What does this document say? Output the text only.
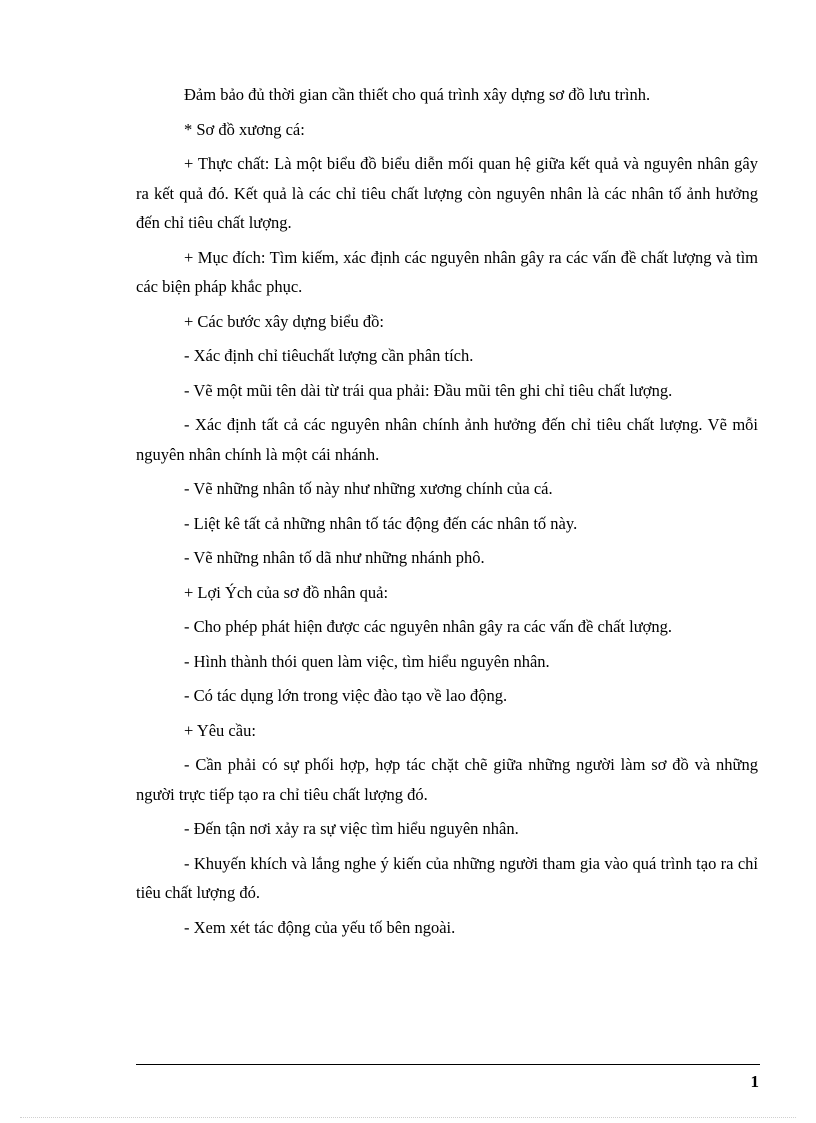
Đảm bảo đủ thời gian cần thiết cho quá trình xây dựng sơ đồ lưu trình.

* Sơ đồ xương cá:

+ Thực chất: Là một biểu đồ biểu diễn mối quan hệ giữa kết quả và nguyên nhân gây ra kết quả đó. Kết quả là các chỉ tiêu chất lượng còn nguyên nhân là các nhân tố ảnh hưởng đến chỉ tiêu chất lượng.

+ Mục đích: Tìm kiếm, xác định các nguyên nhân gây ra các vấn đề chất lượng và tìm các biện pháp khắc phục.

+ Các bước xây dựng biểu đồ:

- Xác định chỉ tiêuchất lượng cần phân tích.

- Vẽ một mũi tên dài từ trái qua phải: Đầu mũi tên ghi chỉ tiêu chất lượng.

- Xác định tất cả các nguyên nhân chính ảnh hưởng đến chỉ tiêu chất lượng. Vẽ mỗi nguyên nhân chính là một cái nhánh.

- Vẽ những nhân tố này như những xương chính của cá.

- Liệt kê tất cả những nhân tố tác động đến các nhân tố này.

- Vẽ những nhân tố dã như những nhánh phô.

+ Lợi Ých của sơ đồ nhân quả:

- Cho phép phát hiện được các nguyên nhân gây ra các vấn đề chất lượng.

- Hình thành thói quen làm việc, tìm hiểu nguyên nhân.

- Có tác dụng lớn trong việc đào tạo về lao động.

+ Yêu cầu:

- Cần phải có sự phối hợp, hợp tác chặt chẽ giữa những người làm sơ đồ và những người trực tiếp tạo ra chỉ tiêu chất lượng đó.

- Đến tận nơi xảy ra sự việc tìm hiểu nguyên nhân.

- Khuyến khích và lắng nghe ý kiến của những người tham gia vào quá trình tạo ra chỉ tiêu chất lượng đó.

- Xem xét tác động của yếu tố bên ngoài.

1
